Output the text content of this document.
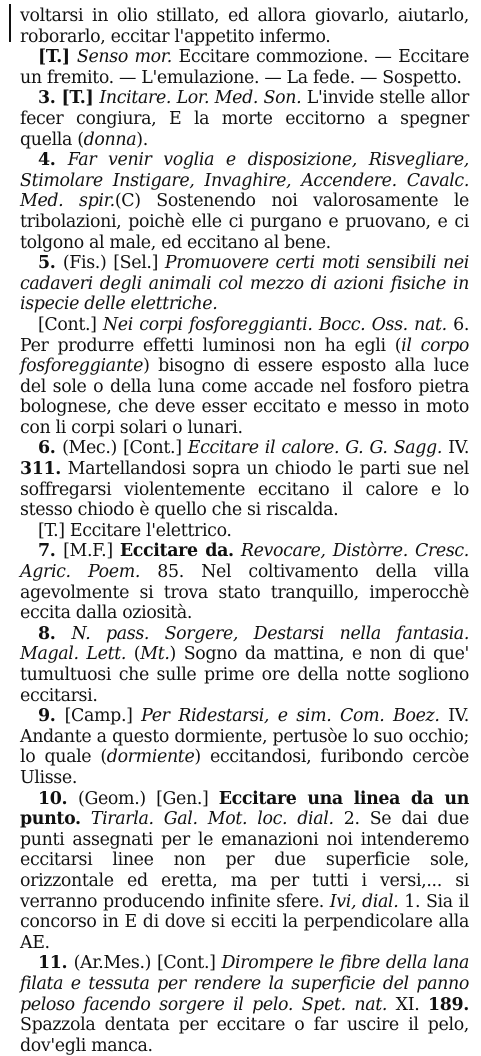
voltarsi in olio stillato, ed allora giovarlo, aiutarlo, roborarlo, eccitar l'appetito infermo.

[T.] Senso mor. Eccitare commozione. — Eccitare un fremito. — L'emulazione. — La fede. — Sospetto.

3. [T.] Incitare. Lor. Med. Son. L'invide stelle allor fecer congiura, E la morte eccitorno a spegner quella (donna).

4. Far venir voglia e disposizione, Risvegliare, Stimolare Instigare, Invaghire, Accendere. Cavalc. Med. spir.(C) Sostenendo noi valorosamente le tribolazioni, poichè elle ci purgano e pruovano, e ci tolgono al male, ed eccitano al bene.

5. (Fis.) [Sel.] Promuovere certi moti sensibili nei cadaveri degli animali col mezzo di azioni fisiche in ispecie delle elettriche.

[Cont.] Nei corpi fosforeggianti. Bocc. Oss. nat. 6. Per produrre effetti luminosi non ha egli (il corpo fosforeggiante) bisogno di essere esposto alla luce del sole o della luna come accade nel fosforo pietra bolognese, che deve esser eccitato e messo in moto con li corpi solari o lunari.

6. (Mec.) [Cont.] Eccitare il calore. G. G. Sagg. IV. 311. Martellandosi sopra un chiodo le parti sue nel soffregarsi violentemente eccitano il calore e lo stesso chiodo è quello che si riscalda.

[T.] Eccitare l'elettrico.

7. [M.F.] Eccitare da. Revocare, Distòrre. Cresc. Agric. Poem. 85. Nel coltivamento della villa agevolmente si trova stato tranquillo, imperocchè eccita dalla oziosità.

8. N. pass. Sorgere, Destarsi nella fantasia. Magal. Lett. (Mt.) Sogno da mattina, e non di que' tumultuosi che sulle prime ore della notte sogliono eccitarsi.

9. [Camp.] Per Ridestarsi, e sim. Com. Boez. IV. Andante a questo dormiente, pertusòe lo suo occhio; lo quale (dormiente) eccitandosi, furibondo cercòe Ulisse.

10. (Geom.) [Gen.] Eccitare una linea da un punto. Tirarla. Gal. Mot. loc. dial. 2. Se dai due punti assegnati per le emanazioni noi intenderemo eccitarsi linee non per due superficie sole, orizzontale ed eretta, ma per tutti i versi,... si verranno producendo infinite sfere. Ivi, dial. 1. Sia il concorso in E di dove si ecciti la perpendicolare alla AE.

11. (Ar.Mes.) [Cont.] Dirompere le fibre della lana filata e tessuta per rendere la superficie del panno peloso facendo sorgere il pelo. Spet. nat. XI. 189. Spazzola dentata per eccitare o far uscire il pelo, dov'egli manca.
